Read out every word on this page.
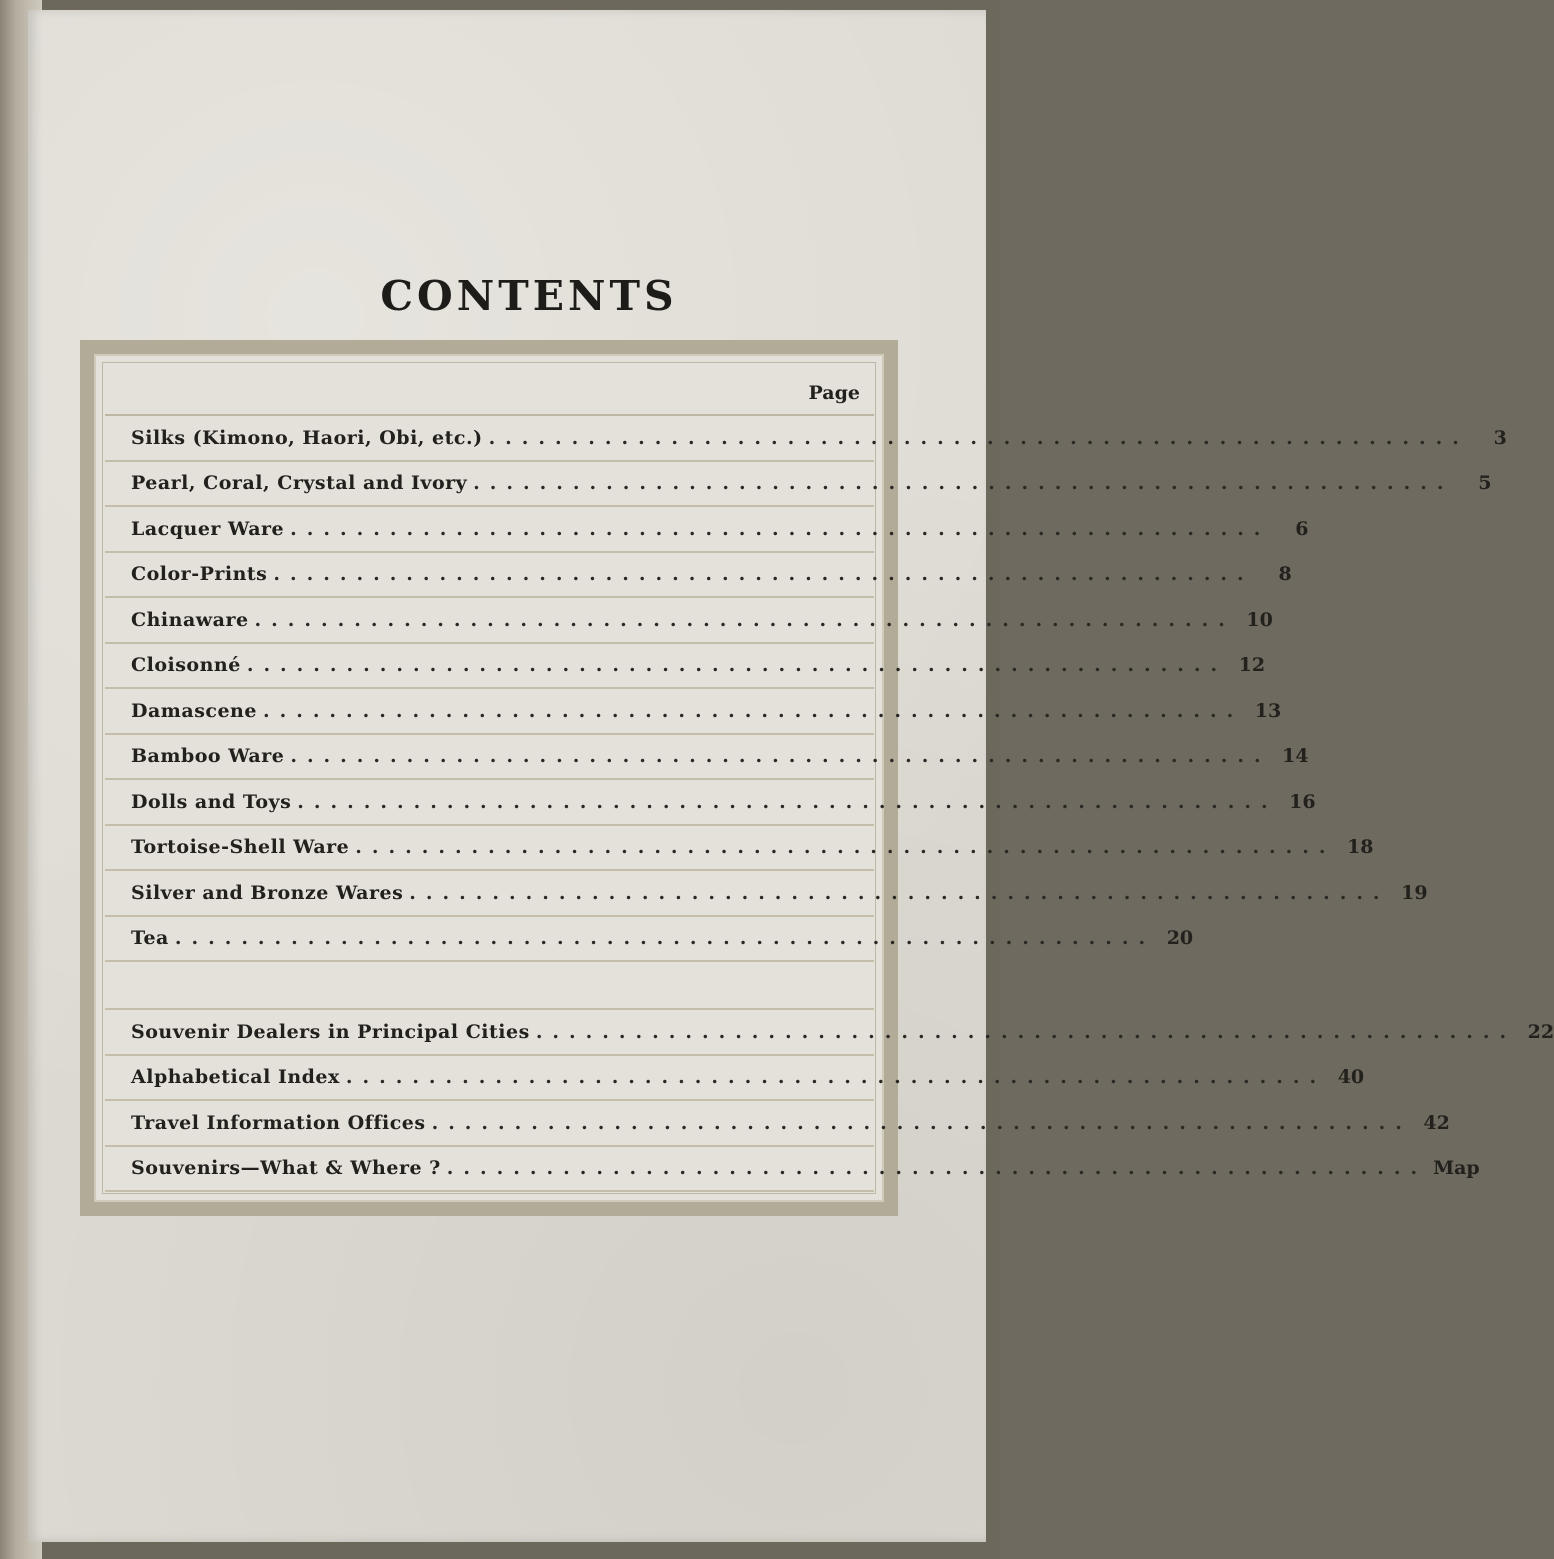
CONTENTS
Page
Silks (Kimono, Haori, Obi, etc.) ...........................................................	3
Pearl, Coral, Crystal and Ivory ...........................................................	5
Lacquer Ware ...........................................................	6
Color-Prints ...........................................................	8
Chinaware ........................................................... 10
Cloisonné ........................................................... 12
Damascene ........................................................... 13
Bamboo Ware ........................................................... 14
Dolls and Toys ........................................................... 16
Tortoise-Shell Ware ........................................................... 18
Silver and Bronze Wares ........................................................... 19
Tea ........................................................... 20
Souvenir Dealers in Principal Cities ........................................................... 22
Alphabetical Index ........................................................... 40
Travel Information Offices ........................................................... 42
Souvenirs—What & Where ? ........................................................... Map
